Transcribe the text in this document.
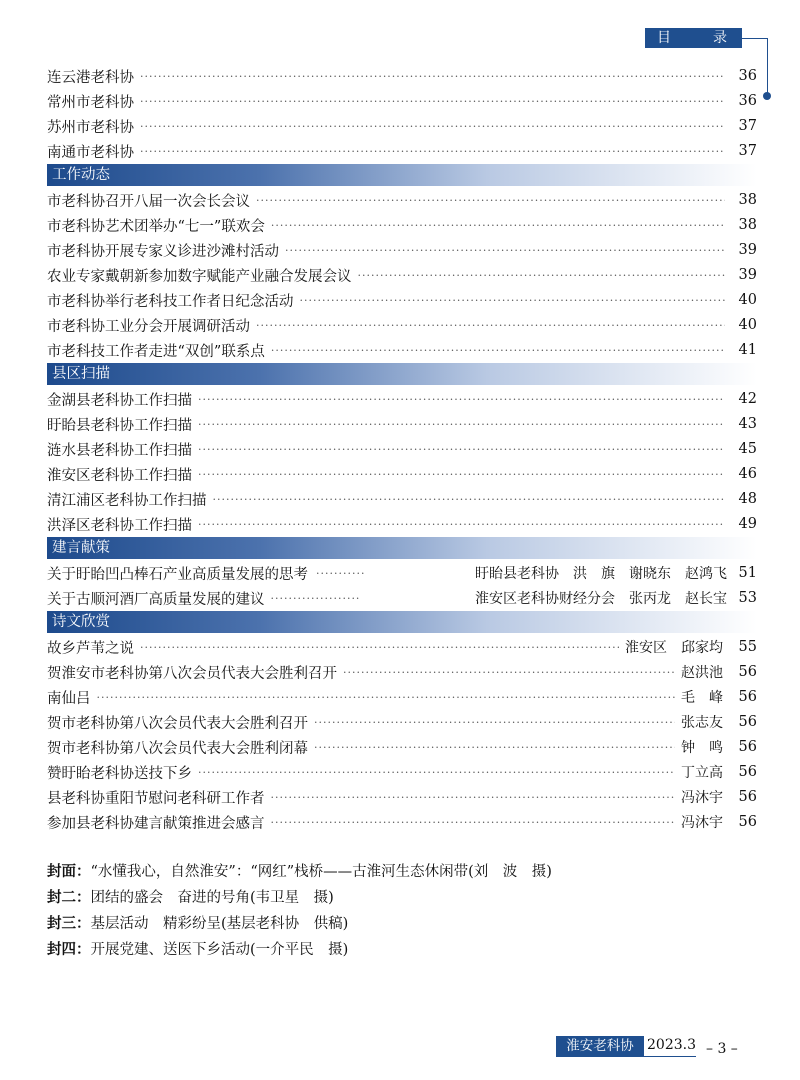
目	录
连云港老科协 ·····	36
常州市老科协 ·····	36
苏州市老科协 ·····	37
南通市老科协 ·····	37
工作动态
市老科协召开八届一次会长会议 ·····	38
市老科协艺术团举办“七一”联欢会 ·····	38
市老科协开展专家义诊进沙滩村活动 ·····	39
农业专家戴朝新参加数字赋能产业融合发展会议 ·····	39
市老科协举行老科技工作者日纪念活动 ·····	40
市老科协工业分会开展调研活动 ·····	40
市老科技工作者走进“双创”联系点 ·····	41
县区扫描
金湖县老科协工作扫描 ·····	42
盱眙县老科协工作扫描 ·····	43
涟水县老科协工作扫描 ·····	45
淮安区老科协工作扫描 ·····	46
清江浦区老科协工作扫描 ·····	48
洪泽区老科协工作扫描 ·····	49
建言献策
关于盱眙凹凸棒石产业高质量发展的思考 ·····	盱眙县老科协　洪　旗　谢晓东　赵鸿飞 51
关于古顺河酒厂高质量发展的建议 ·····	淮安区老科协财经分会　张丙龙　赵长宝 53
诗文欣赏
故乡芦苇之说 ·····	淮安区　邱家均	55
贺淮安市老科协第八次会员代表大会胜利召开 ·····	赵洪池	56
南仙吕 ·····	毛　峰	56
贺市老科协第八次会员代表大会胜利召开 ·····	张志友	56
贺市老科协第八次会员代表大会胜利闭幕 ·····	钟　鸣	56
赞盱眙老科协送技下乡 ·····	丁立高	56
县老科协重阳节慰问老科研工作者 ·····	冯沐宇	56
参加县老科协建言献策推进会感言 ·····	冯沐宇	56
封面：“水懂我心，自然淮安”：“网红”栈桥——古淮河生态休闲带(刘　波　摄)
封二：团结的盛会　奋进的号角(韦卫星　摄)
封三：基层活动　精彩纷呈(基层老科协　供稿)
封四：开展党建、送医下乡活动(一介平民　摄)
淮安老科协 2023.3 – 3 –
